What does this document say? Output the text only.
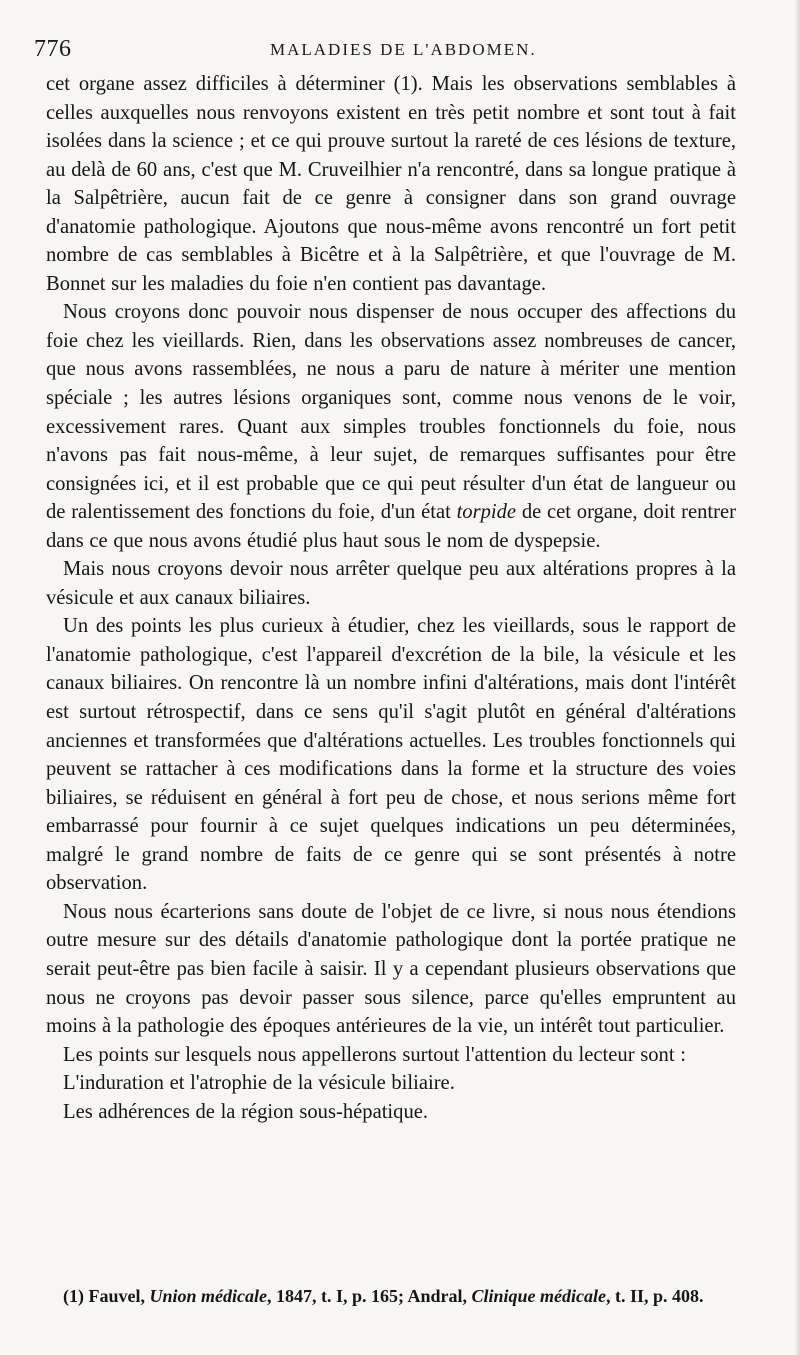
776	MALADIES DE L'ABDOMEN.

cet organe assez difficiles à déterminer (1). Mais les observations semblables à celles auxquelles nous renvoyons existent en très petit nombre et sont tout à fait isolées dans la science ; et ce qui prouve surtout la rareté de ces lésions de texture, au delà de 60 ans, c'est que M. Cruveilhier n'a rencontré, dans sa longue pratique à la Salpêtrière, aucun fait de ce genre à consigner dans son grand ouvrage d'anatomie pathologique. Ajoutons que nous-même avons rencontré un fort petit nombre de cas semblables à Bicêtre et à la Salpêtrière, et que l'ouvrage de M. Bonnet sur les maladies du foie n'en contient pas davantage.

Nous croyons donc pouvoir nous dispenser de nous occuper des affections du foie chez les vieillards. Rien, dans les observations assez nombreuses de cancer, que nous avons rassemblées, ne nous a paru de nature à mériter une mention spéciale ; les autres lésions organiques sont, comme nous venons de le voir, excessivement rares. Quant aux simples troubles fonctionnels du foie, nous n'avons pas fait nous-même, à leur sujet, de remarques suffisantes pour être consignées ici, et il est probable que ce qui peut résulter d'un état de langueur ou de ralentissement des fonctions du foie, d'un état torpide de cet organe, doit rentrer dans ce que nous avons étudié plus haut sous le nom de dyspepsie.

Mais nous croyons devoir nous arrêter quelque peu aux altérations propres à la vésicule et aux canaux biliaires.

Un des points les plus curieux à étudier, chez les vieillards, sous le rapport de l'anatomie pathologique, c'est l'appareil d'excrétion de la bile, la vésicule et les canaux biliaires. On rencontre là un nombre infini d'altérations, mais dont l'intérêt est surtout rétrospectif, dans ce sens qu'il s'agit plutôt en général d'altérations anciennes et transformées que d'altérations actuelles. Les troubles fonctionnels qui peuvent se rattacher à ces modifications dans la forme et la structure des voies biliaires, se réduisent en général à fort peu de chose, et nous serions même fort embarrassé pour fournir à ce sujet quelques indications un peu déterminées, malgré le grand nombre de faits de ce genre qui se sont présentés à notre observation.

Nous nous écarterions sans doute de l'objet de ce livre, si nous nous étendions outre mesure sur des détails d'anatomie pathologique dont la portée pratique ne serait peut-être pas bien facile à saisir. Il y a cependant plusieurs observations que nous ne croyons pas devoir passer sous silence, parce qu'elles empruntent au moins à la pathologie des époques antérieures de la vie, un intérêt tout particulier.

Les points sur lesquels nous appellerons surtout l'attention du lecteur sont :

L'induration et l'atrophie de la vésicule biliaire.

Les adhérences de la région sous-hépatique.

(1) Fauvel, Union médicale, 1847, t. I, p. 165; Andral, Clinique médicale, t. II, p. 408.
